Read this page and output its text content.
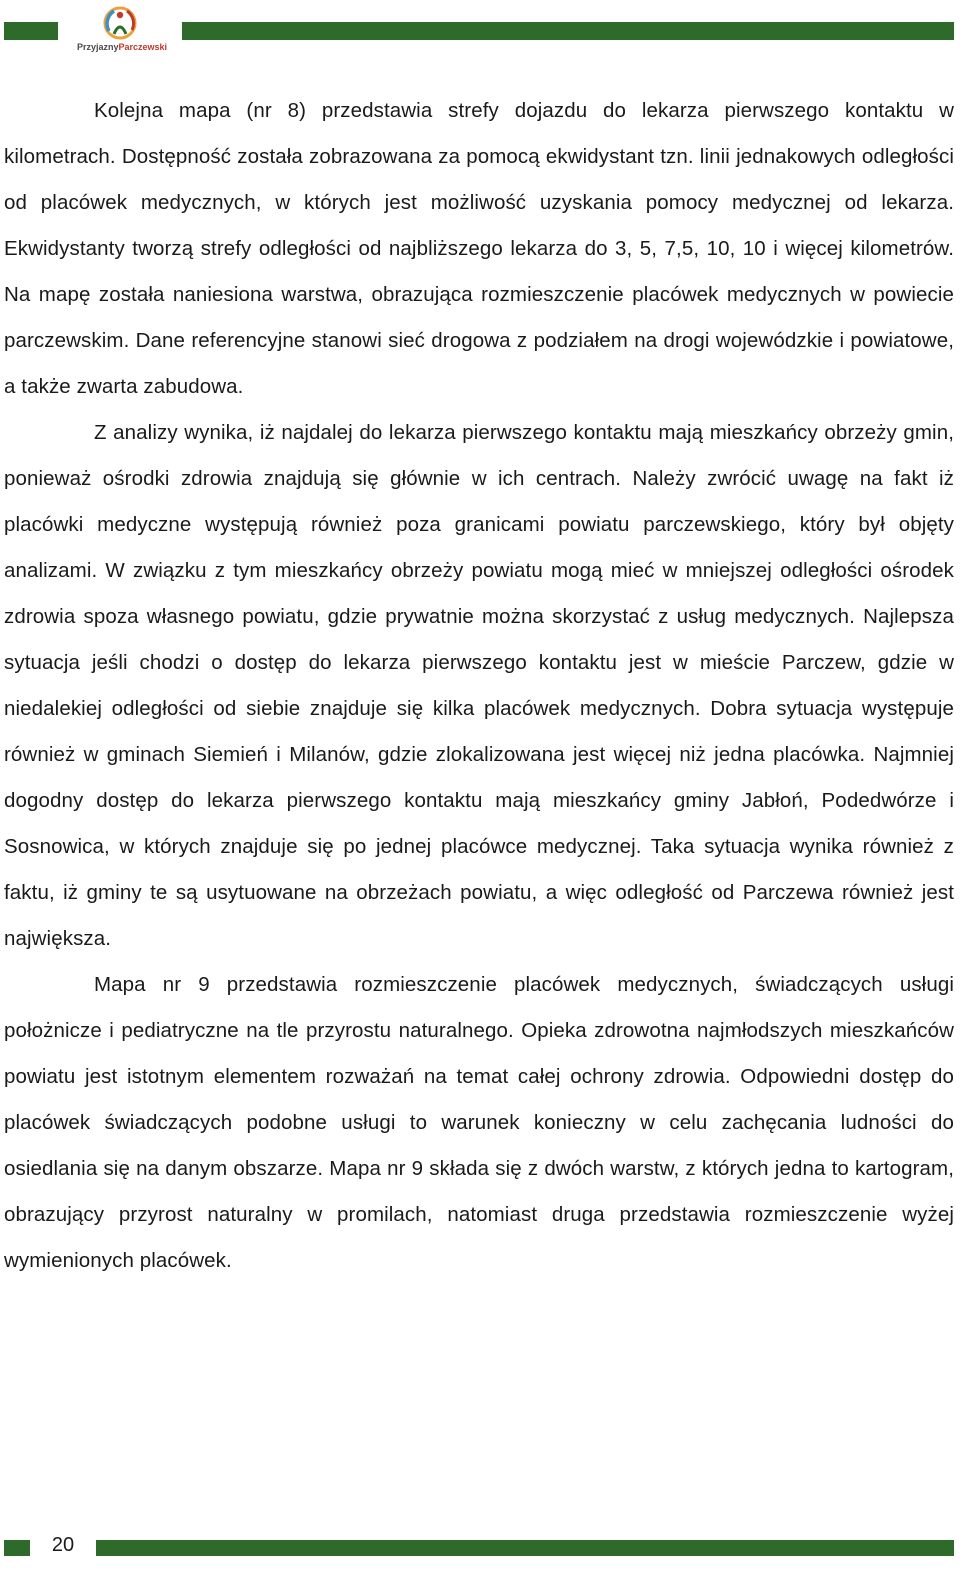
PrzyjaznyParczewski

Kolejna mapa (nr 8) przedstawia strefy dojazdu do lekarza pierwszego kontaktu w kilometrach. Dostępność została zobrazowana za pomocą ekwidystant tzn. linii jednakowych odległości od placówek medycznych, w których jest możliwość uzyskania pomocy medycznej od lekarza. Ekwidystanty tworzą strefy odległości od najbliższego lekarza do 3, 5, 7,5, 10, 10 i więcej kilometrów. Na mapę została naniesiona warstwa, obrazująca rozmieszczenie placówek medycznych w powiecie parczewskim. Dane referencyjne stanowi sieć drogowa z podziałem na drogi wojewódzkie i powiatowe, a także zwarta zabudowa.

Z analizy wynika, iż najdalej do lekarza pierwszego kontaktu mają mieszkańcy obrzeży gmin, ponieważ ośrodki zdrowia znajdują się głównie w ich centrach. Należy zwrócić uwagę na fakt iż placówki medyczne występują również poza granicami powiatu parczewskiego, który był objęty analizami. W związku z tym mieszkańcy obrzeży powiatu mogą mieć w mniejszej odległości ośrodek zdrowia spoza własnego powiatu, gdzie prywatnie można skorzystać z usług medycznych. Najlepsza sytuacja jeśli chodzi o dostęp do lekarza pierwszego kontaktu jest w mieście Parczew, gdzie w niedalekiej odległości od siebie znajduje się kilka placówek medycznych. Dobra sytuacja występuje również w gminach Siemień i Milanów, gdzie zlokalizowana jest więcej niż jedna placówka. Najmniej dogodny dostęp do lekarza pierwszego kontaktu mają mieszkańcy gminy Jabłoń, Podedwórze i Sosnowica, w których znajduje się po jednej placówce medycznej. Taka sytuacja wynika również z faktu, iż gminy te są usytuowane na obrzeżach powiatu, a więc odległość od Parczewa również jest największa.

Mapa nr 9 przedstawia rozmieszczenie placówek medycznych, świadczących usługi położnicze i pediatryczne na tle przyrostu naturalnego. Opieka zdrowotna najmłodszych mieszkańców powiatu jest istotnym elementem rozważań na temat całej ochrony zdrowia. Odpowiedni dostęp do placówek świadczących podobne usługi to warunek konieczny w celu zachęcania ludności do osiedlania się na danym obszarze. Mapa nr 9 składa się z dwóch warstw, z których jedna to kartogram, obrazujący przyrost naturalny w promilach, natomiast druga przedstawia rozmieszczenie wyżej wymienionych placówek.

20
